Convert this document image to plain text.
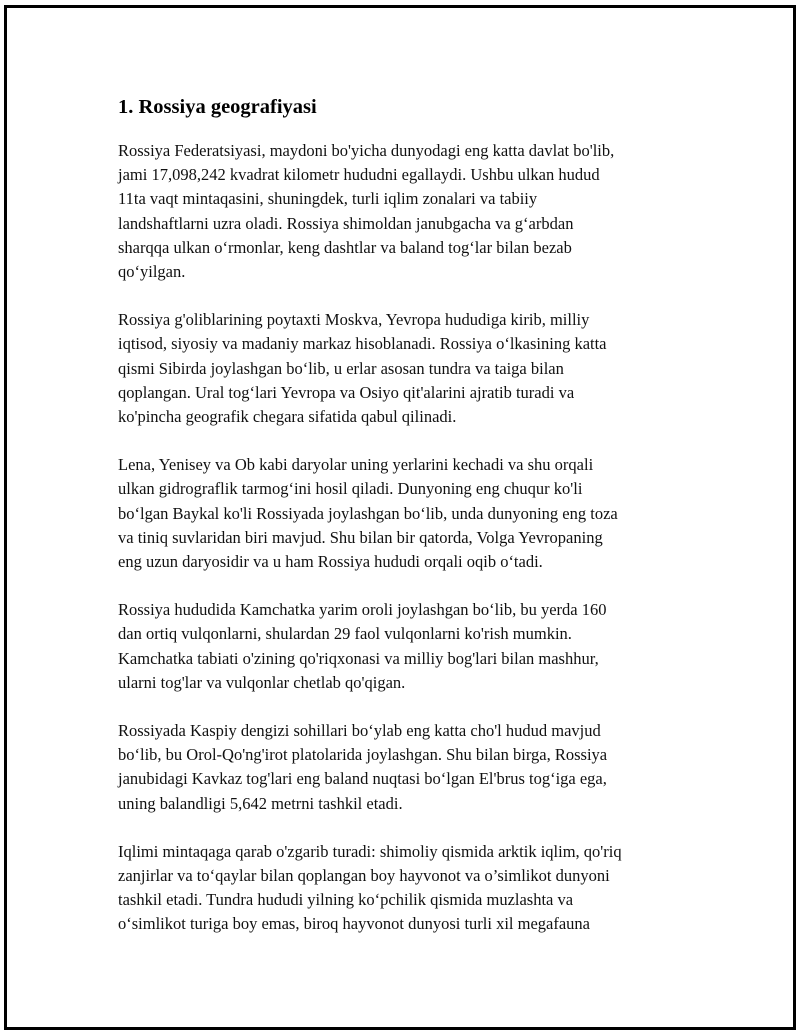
1. Rossiya geografiyasi

Rossiya Federatsiyasi, maydoni bo'yicha dunyodagi eng katta davlat bo'lib,
jami 17,098,242 kvadrat kilometr hududni egallaydi. Ushbu ulkan hudud
11ta vaqt mintaqasini, shuningdek, turli iqlim zonalari va tabiiy
landshaftlarni uzra oladi. Rossiya shimoldan janubgacha va g‘arbdan
sharqqa ulkan o‘rmonlar, keng dashtlar va baland tog‘lar bilan bezab
qo‘yilgan.

Rossiya g'oliblarining poytaxti Moskva, Yevropa hududiga kirib, milliy
iqtisod, siyosiy va madaniy markaz hisoblanadi. Rossiya o‘lkasining katta
qismi Sibirda joylashgan bo‘lib, u erlar asosan tundra va taiga bilan
qoplangan. Ural tog‘lari Yevropa va Osiyo qit'alarini ajratib turadi va
ko'pincha geografik chegara sifatida qabul qilinadi.

Lena, Yenisey va Ob kabi daryolar uning yerlarini kechadi va shu orqali
ulkan gidrograflik tarmog‘ini hosil qiladi. Dunyoning eng chuqur ko'li
bo‘lgan Baykal ko'li Rossiyada joylashgan bo‘lib, unda dunyoning eng toza
va tiniq suvlaridan biri mavjud. Shu bilan bir qatorda, Volga Yevropaning
eng uzun daryosidir va u ham Rossiya hududi orqali oqib o‘tadi.

Rossiya hududida Kamchatka yarim oroli joylashgan bo‘lib, bu yerda 160
dan ortiq vulqonlarni, shulardan 29 faol vulqonlarni ko'rish mumkin.
Kamchatka tabiati o'zining qo'riqxonasi va milliy bog'lari bilan mashhur,
ularni tog'lar va vulqonlar chetlab qo'qigan.

Rossiyada Kaspiy dengizi sohillari bo‘ylab eng katta cho'l hudud mavjud
bo‘lib, bu Orol-Qo'ng'irot platolarida joylashgan. Shu bilan birga, Rossiya
janubidagi Kavkaz tog'lari eng baland nuqtasi bo‘lgan El'brus tog‘iga ega,
uning balandligi 5,642 metrni tashkil etadi.

Iqlimi mintaqaga qarab o'zgarib turadi: shimoliy qismida arktik iqlim, qo'riq
zanjirlar va to‘qaylar bilan qoplangan boy hayvonot va o’simlikot dunyoni
tashkil etadi. Tundra hududi yilning ko‘pchilik qismida muzlashta va
o‘simlikot turiga boy emas, biroq hayvonot dunyosi turli xil megafauna
